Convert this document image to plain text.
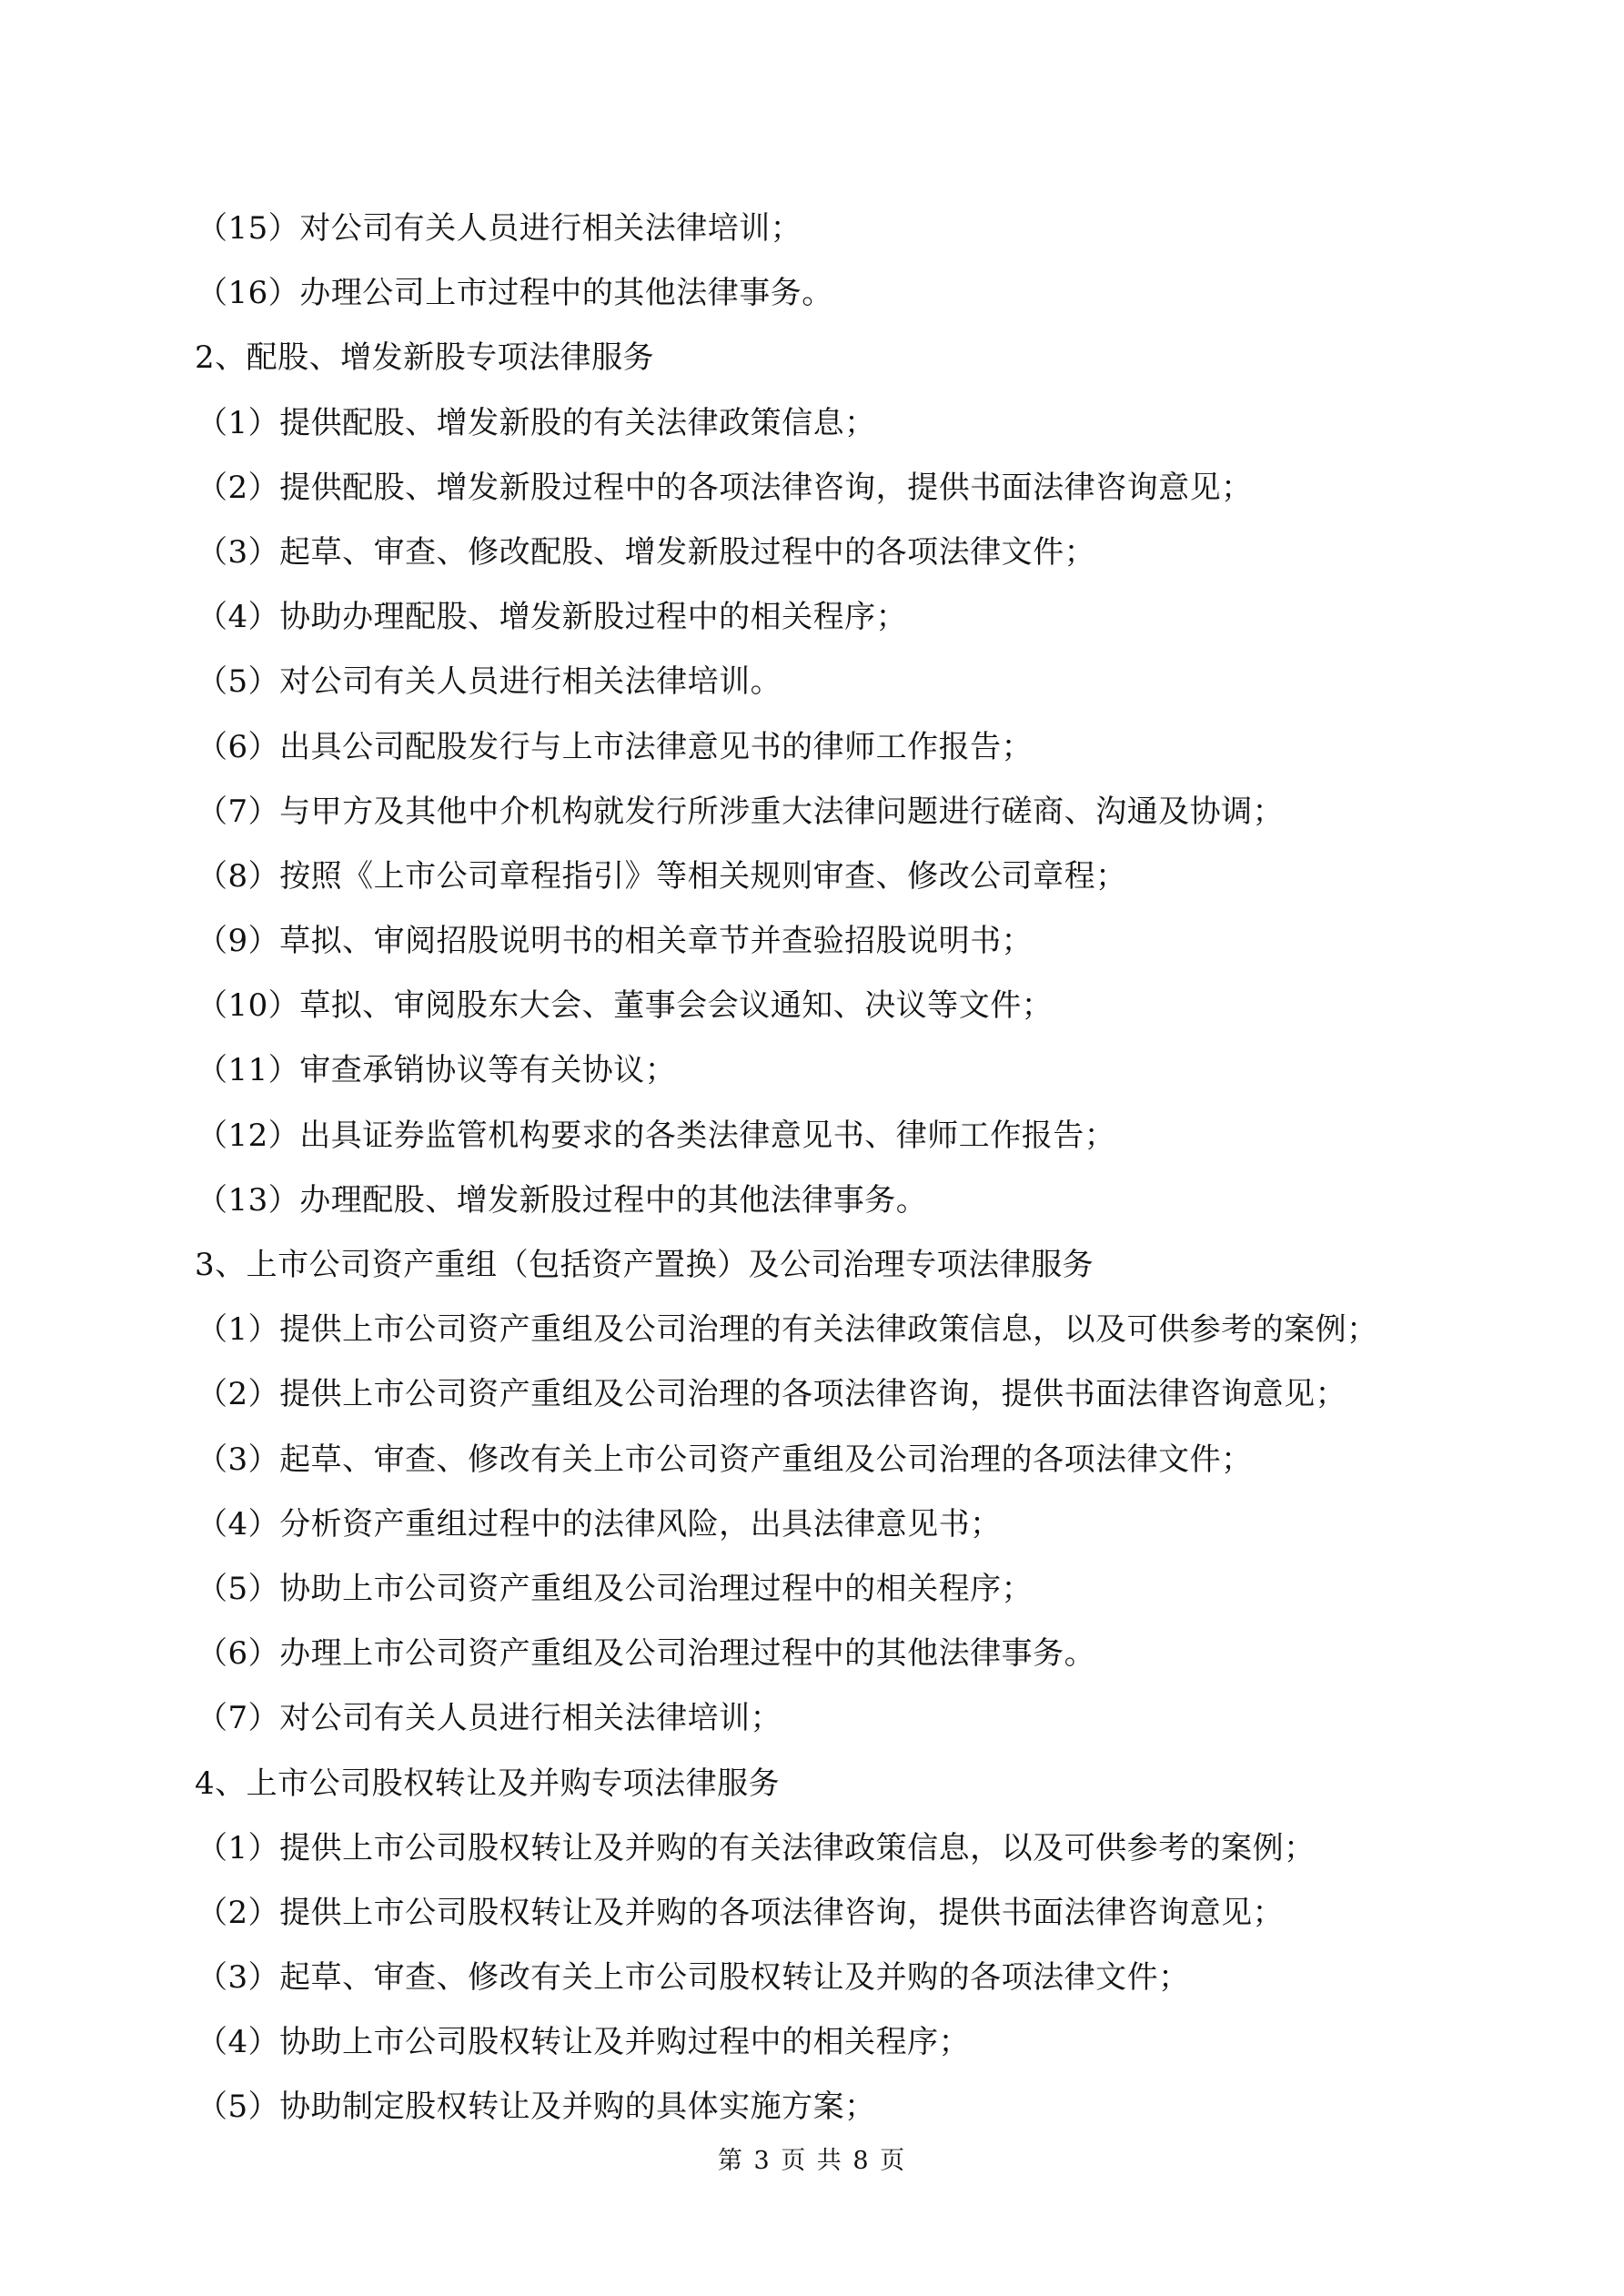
（15）对公司有关人员进行相关法律培训；
（16）办理公司上市过程中的其他法律事务。
2、配股、增发新股专项法律服务
（1）提供配股、增发新股的有关法律政策信息；
（2）提供配股、增发新股过程中的各项法律咨询，提供书面法律咨询意见；
（3）起草、审查、修改配股、增发新股过程中的各项法律文件；
（4）协助办理配股、增发新股过程中的相关程序；
（5）对公司有关人员进行相关法律培训。
（6）出具公司配股发行与上市法律意见书的律师工作报告；
（7）与甲方及其他中介机构就发行所涉重大法律问题进行磋商、沟通及协调；
（8）按照《上市公司章程指引》等相关规则审查、修改公司章程；
（9）草拟、审阅招股说明书的相关章节并查验招股说明书；
（10）草拟、审阅股东大会、董事会会议通知、决议等文件；
（11）审查承销协议等有关协议；
（12）出具证券监管机构要求的各类法律意见书、律师工作报告；
（13）办理配股、增发新股过程中的其他法律事务。
3、上市公司资产重组（包括资产置换）及公司治理专项法律服务
（1）提供上市公司资产重组及公司治理的有关法律政策信息，以及可供参考的案例；
（2）提供上市公司资产重组及公司治理的各项法律咨询，提供书面法律咨询意见；
（3）起草、审查、修改有关上市公司资产重组及公司治理的各项法律文件；
（4）分析资产重组过程中的法律风险，出具法律意见书；
（5）协助上市公司资产重组及公司治理过程中的相关程序；
（6）办理上市公司资产重组及公司治理过程中的其他法律事务。
（7）对公司有关人员进行相关法律培训；
4、上市公司股权转让及并购专项法律服务
（1）提供上市公司股权转让及并购的有关法律政策信息，以及可供参考的案例；
（2）提供上市公司股权转让及并购的各项法律咨询，提供书面法律咨询意见；
（3）起草、审查、修改有关上市公司股权转让及并购的各项法律文件；
（4）协助上市公司股权转让及并购过程中的相关程序；
（5）协助制定股权转让及并购的具体实施方案；
第 3 页 共 8 页
